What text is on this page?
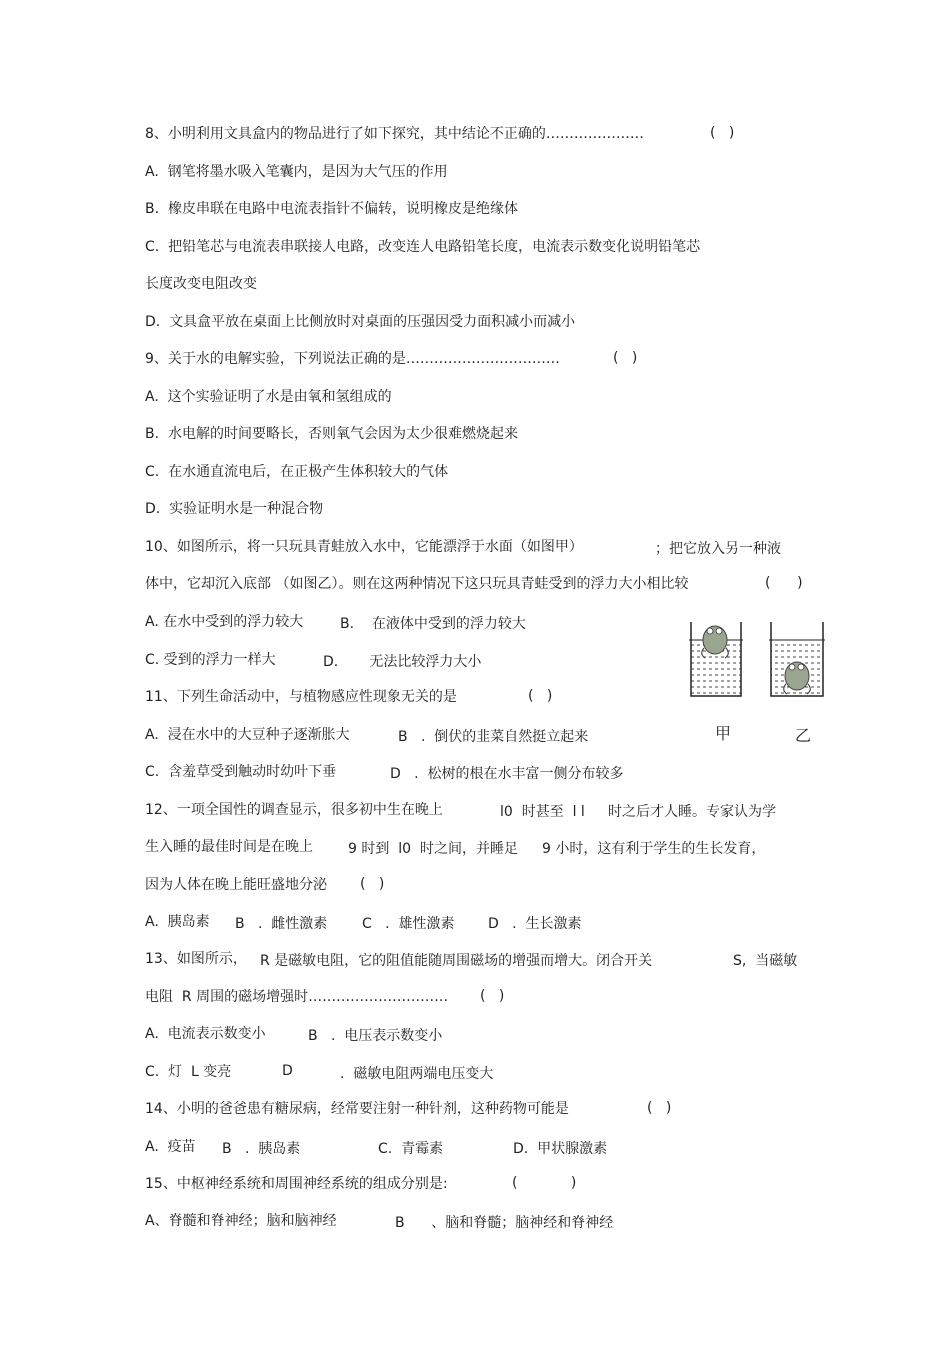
8、小明利用文具盒内的物品进行了如下探究，其中结论不正确的…………………	(   )
A.  钢笔将墨水吸入笔囊内，是因为大气压的作用
B.  橡皮串联在电路中电流表指针不偏转，说明橡皮是绝缘体
C.  把铅笔芯与电流表串联接人电路，改变连人电路铅笔长度，电流表示数变化说明铅笔芯
长度改变电阻改变
D.  文具盒平放在桌面上比侧放时对桌面的压强因受力面积减小而减小
9、关于水的电解实验，下列说法正确的是……………………………	(   )
A.  这个实验证明了水是由氧和氢组成的
B.  水电解的时间要略长，否则氧气会因为太少很难燃烧起来
C.  在水通直流电后，在正极产生体积较大的气体
D.  实验证明水是一种混合物
10、如图所示，将一只玩具青蛙放入水中，它能漂浮于水面（如图甲）	；把它放入另一种液
体中，它却沉入底部 （如图乙）。则在这两种情况下这只玩具青蛙受到的浮力大小相比较	(      )
A. 在水中受到的浮力较大	B.    在液体中受到的浮力较大
C. 受到的浮力一样大	D.       无法比较浮力大小
甲	乙
11、下列生命活动中，与植物感应性现象无关的是	(   )
A.  浸在水中的大豆种子逐渐胀大	B   .  倒伏的韭菜自然挺立起来
C.  含羞草受到触动时幼叶下垂	D   .  松树的根在水丰富一侧分布较多
12、一项全国性的调查显示，很多初中生在晚上	l0  时甚至  l l 时之后才人睡。专家认为学
生入睡的最佳时间是在晚上	9 时到  l0  时之间，并睡足 9 小时，这有利于学生的生长发育，
因为人体在晚上能旺盛地分泌 (   )
A.  胰岛素 B   .  雌性激素 C   .  雄性激素 D   .  生长激素
13、如图所示， R 是磁敏电阻，它的阻值能随周围磁场的增强而增大。闭合开关	S,  当磁敏
电阻  R 周围的磁场增强时………………………… (   )
A.  电流表示数变小	B   .  电压表示数变小
C.  灯  L 变亮	D	.  磁敏电阻两端电压变大
14、小明的爸爸患有糖尿病，经常要注射一种针剂，这种药物可能是	(   )
A.  疫苗 B   .  胰岛素	C.  青霉素	D.  甲状腺激素
15、中枢神经系统和周围神经系统的组成分别是:	(            )
A、脊髓和脊神经；脑和脑神经	B      、脑和脊髓；脑神经和脊神经
